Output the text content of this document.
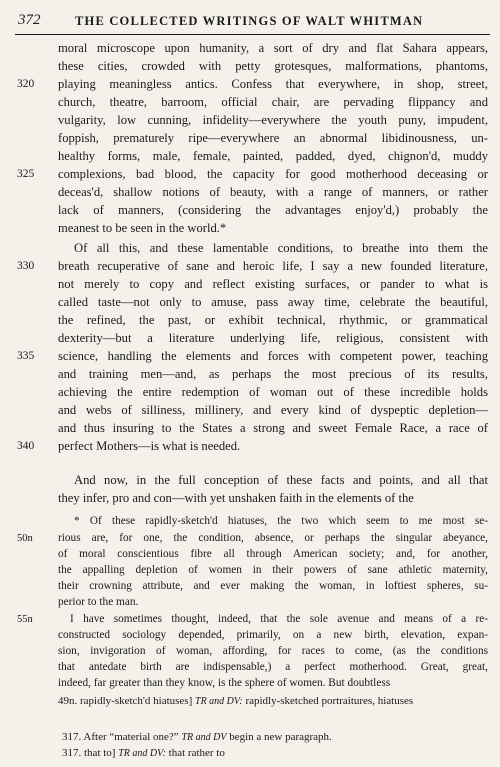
372	THE COLLECTED WRITINGS OF WALT WHITMAN
moral microscope upon humanity, a sort of dry and flat Sahara appears,
these cities, crowded with petty grotesques, malformations, phantoms,
playing meaningless antics. Confess that everywhere, in shop, street,
320
church, theatre, barroom, official chair, are pervading flippancy and
vulgarity, low cunning, infidelity—everywhere the youth puny, impudent,
foppish, prematurely ripe—everywhere an abnormal libidinousness, un-
healthy forms, male, female, painted, padded, dyed, chignon'd, muddy
complexions, bad blood, the capacity for good motherhood deceasing or
325
deceas'd, shallow notions of beauty, with a range of manners, or rather
lack of manners, (considering the advantages enjoy'd,) probably the
meanest to be seen in the world.*
Of all this, and these lamentable conditions, to breathe into them the
breath recuperative of sane and heroic life, I say a new founded literature,
330
not merely to copy and reflect existing surfaces, or pander to what is
called taste—not only to amuse, pass away time, celebrate the beautiful,
the refined, the past, or exhibit technical, rhythmic, or grammatical
dexterity—but a literature underlying life, religious, consistent with
science, handling the elements and forces with competent power, teaching
335
and training men—and, as perhaps the most precious of its results,
achieving the entire redemption of woman out of these incredible holds
and webs of silliness, millinery, and every kind of dyspeptic depletion—
and thus insuring to the States a strong and sweet Female Race, a race of
perfect Mothers—is what is needed.
340
And now, in the full conception of these facts and points, and all that
they infer, pro and con—with yet unshaken faith in the elements of the
* Of these rapidly-sketch'd hiatuses, the two which seem to me most se-
rious are, for one, the condition, absence, or perhaps the singular abeyance,
50n
of moral conscientious fibre all through American society; and, for another,
the appalling depletion of women in their powers of sane athletic maternity,
their crowning attribute, and ever making the woman, in loftiest spheres, su-
perior to the man.
I have sometimes thought, indeed, that the sole avenue and means of a re-
55n
constructed sociology depended, primarily, on a new birth, elevation, expan-
sion, invigoration of woman, affording, for races to come, (as the conditions
that antedate birth are indispensable,) a perfect motherhood. Great, great,
indeed, far greater than they know, is the sphere of women. But doubtless
49n. rapidly-sketch'd hiatuses] TR and DV: rapidly-sketched portraitures, hiatuses
317. After “material one?” TR and DV begin a new paragraph.
317. that to] TR and DV: that rather to
